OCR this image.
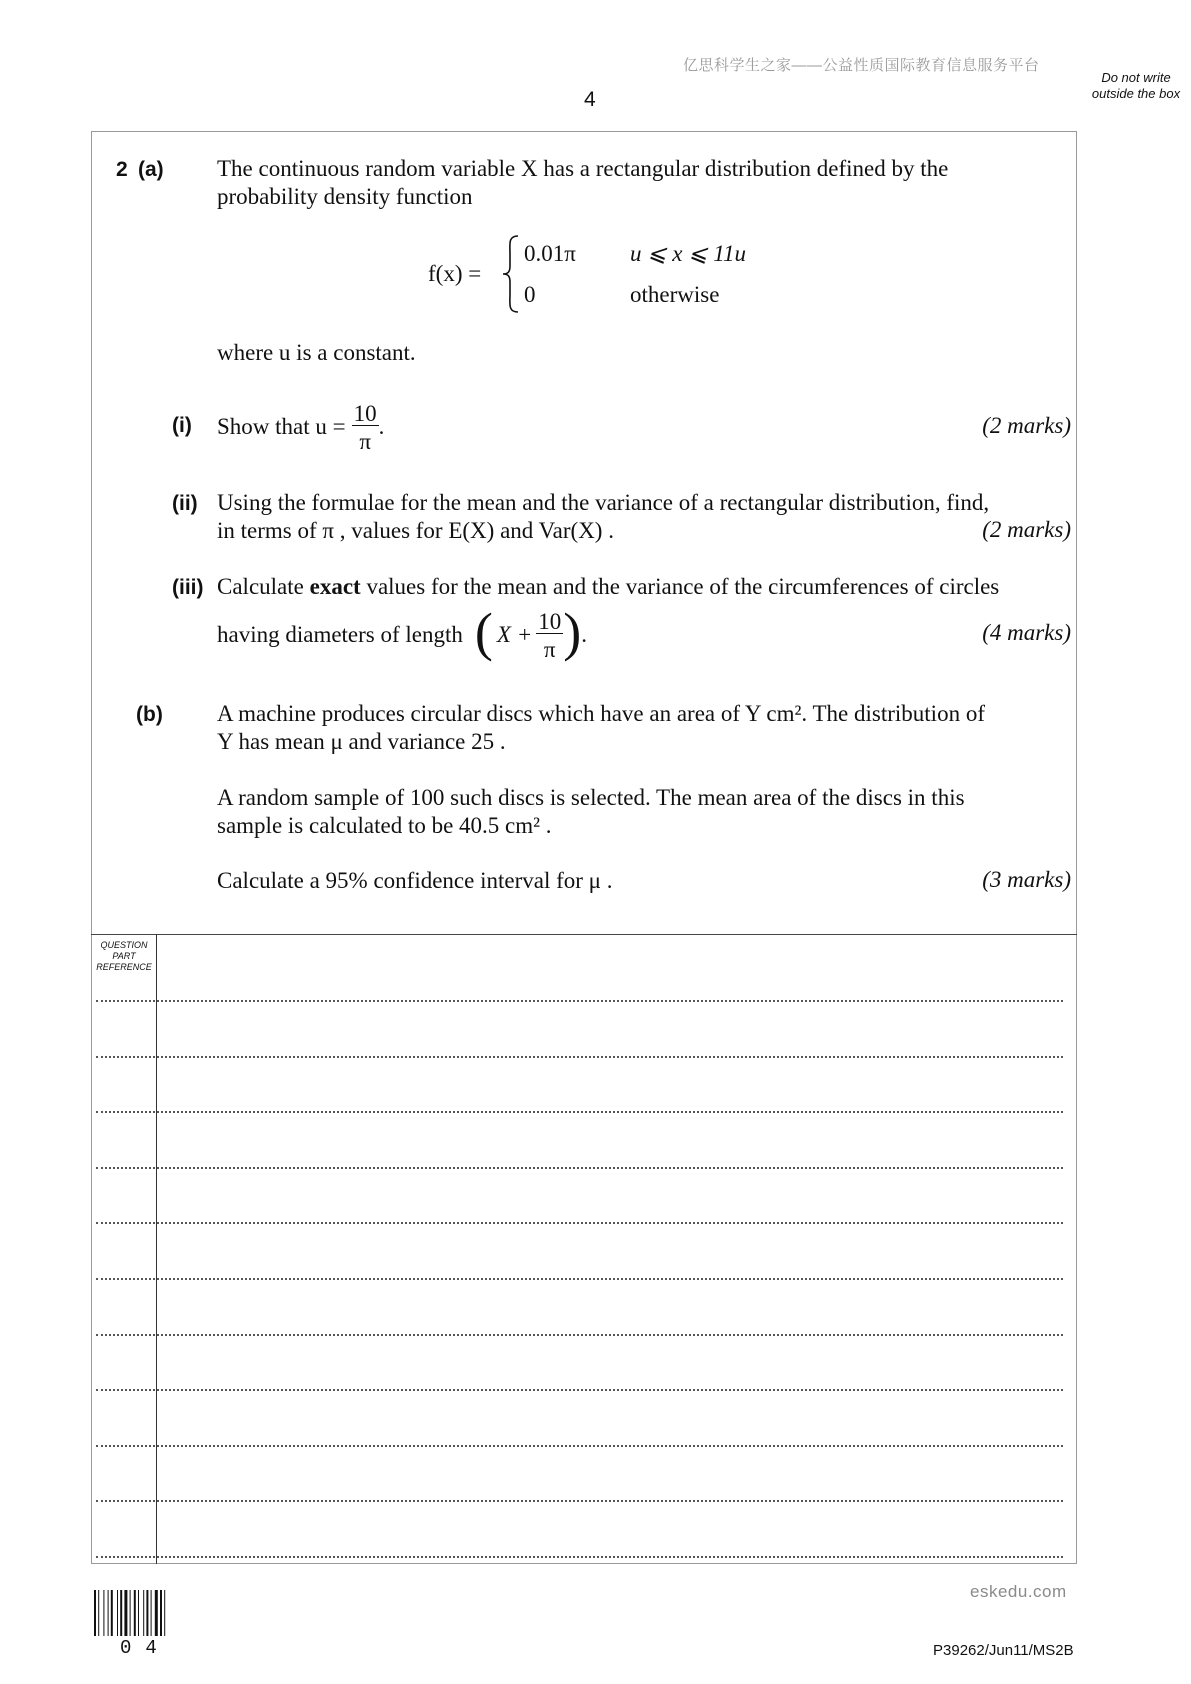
亿思科学生之家——公益性质国际教育信息服务平台
4
Do not write outside the box
2 (a) The continuous random variable X has a rectangular distribution defined by the
probability density function
f(x) =
0.01π u ⩽ x ⩽ 11u
0	otherwise
where u is a constant.
(i) Show that $u = \frac{10}{\pi}$ .	(2 marks)
(ii) Using the formulae for the mean and the variance of a rectangular distribution, find,
in terms of π , values for E(X) and Var(X) .	(2 marks)
(iii) Calculate exact values for the mean and the variance of the circumferences of circles
having diameters of length ( $X + \frac{10}{\pi}$ ) .	(4 marks)
(b) A machine produces circular discs which have an area of Y cm². The distribution of
Y has mean μ and variance 25 .
A random sample of 100 such discs is selected. The mean area of the discs in this
sample is calculated to be 40.5 cm² .
Calculate a 95% confidence interval for μ .	(3 marks)
QUESTION PART REFERENCE
04
eskedu.com
P39262/Jun11/MS2B
